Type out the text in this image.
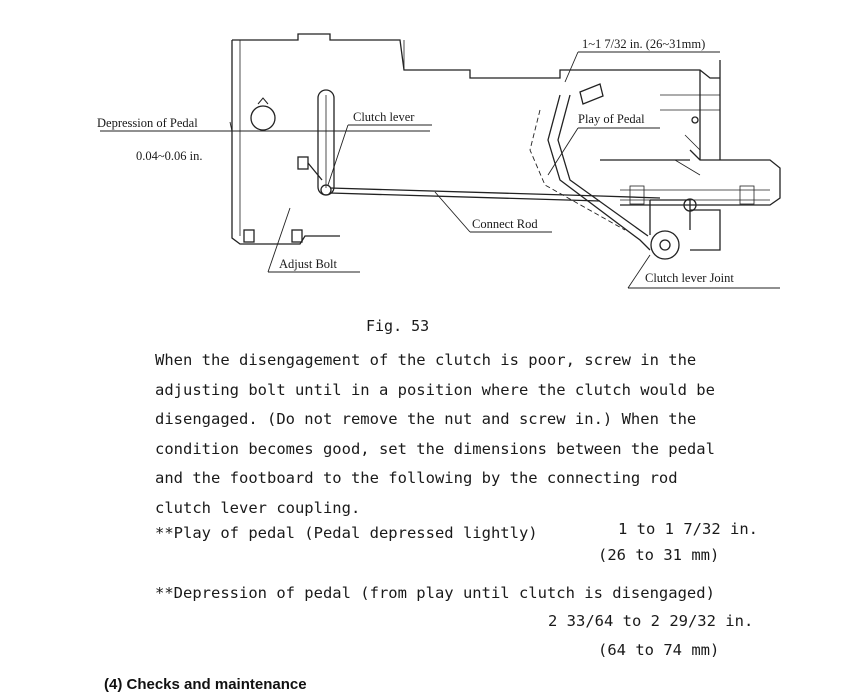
Depression of Pedal
0.04~0.06 in.
Clutch lever
1~1 7/32 in. (26~31mm)
Play of Pedal
Connect Rod
Adjust Bolt
Clutch lever Joint
Fig. 53
When the disengagement of the clutch is poor, screw in the
adjusting bolt until in a position where the clutch would be
disengaged. (Do not remove the nut and screw in.) When the
condition becomes good, set the dimensions between the pedal
and the footboard to the following by the connecting rod
clutch lever coupling.
**Play of pedal (Pedal depressed lightly)	1 to 1 7/32 in.
(26 to 31 mm)
**Depression of pedal (from play until clutch is disengaged)
2 33/64 to 2 29/32 in.
(64 to 74 mm)
(4) Checks and maintenance
